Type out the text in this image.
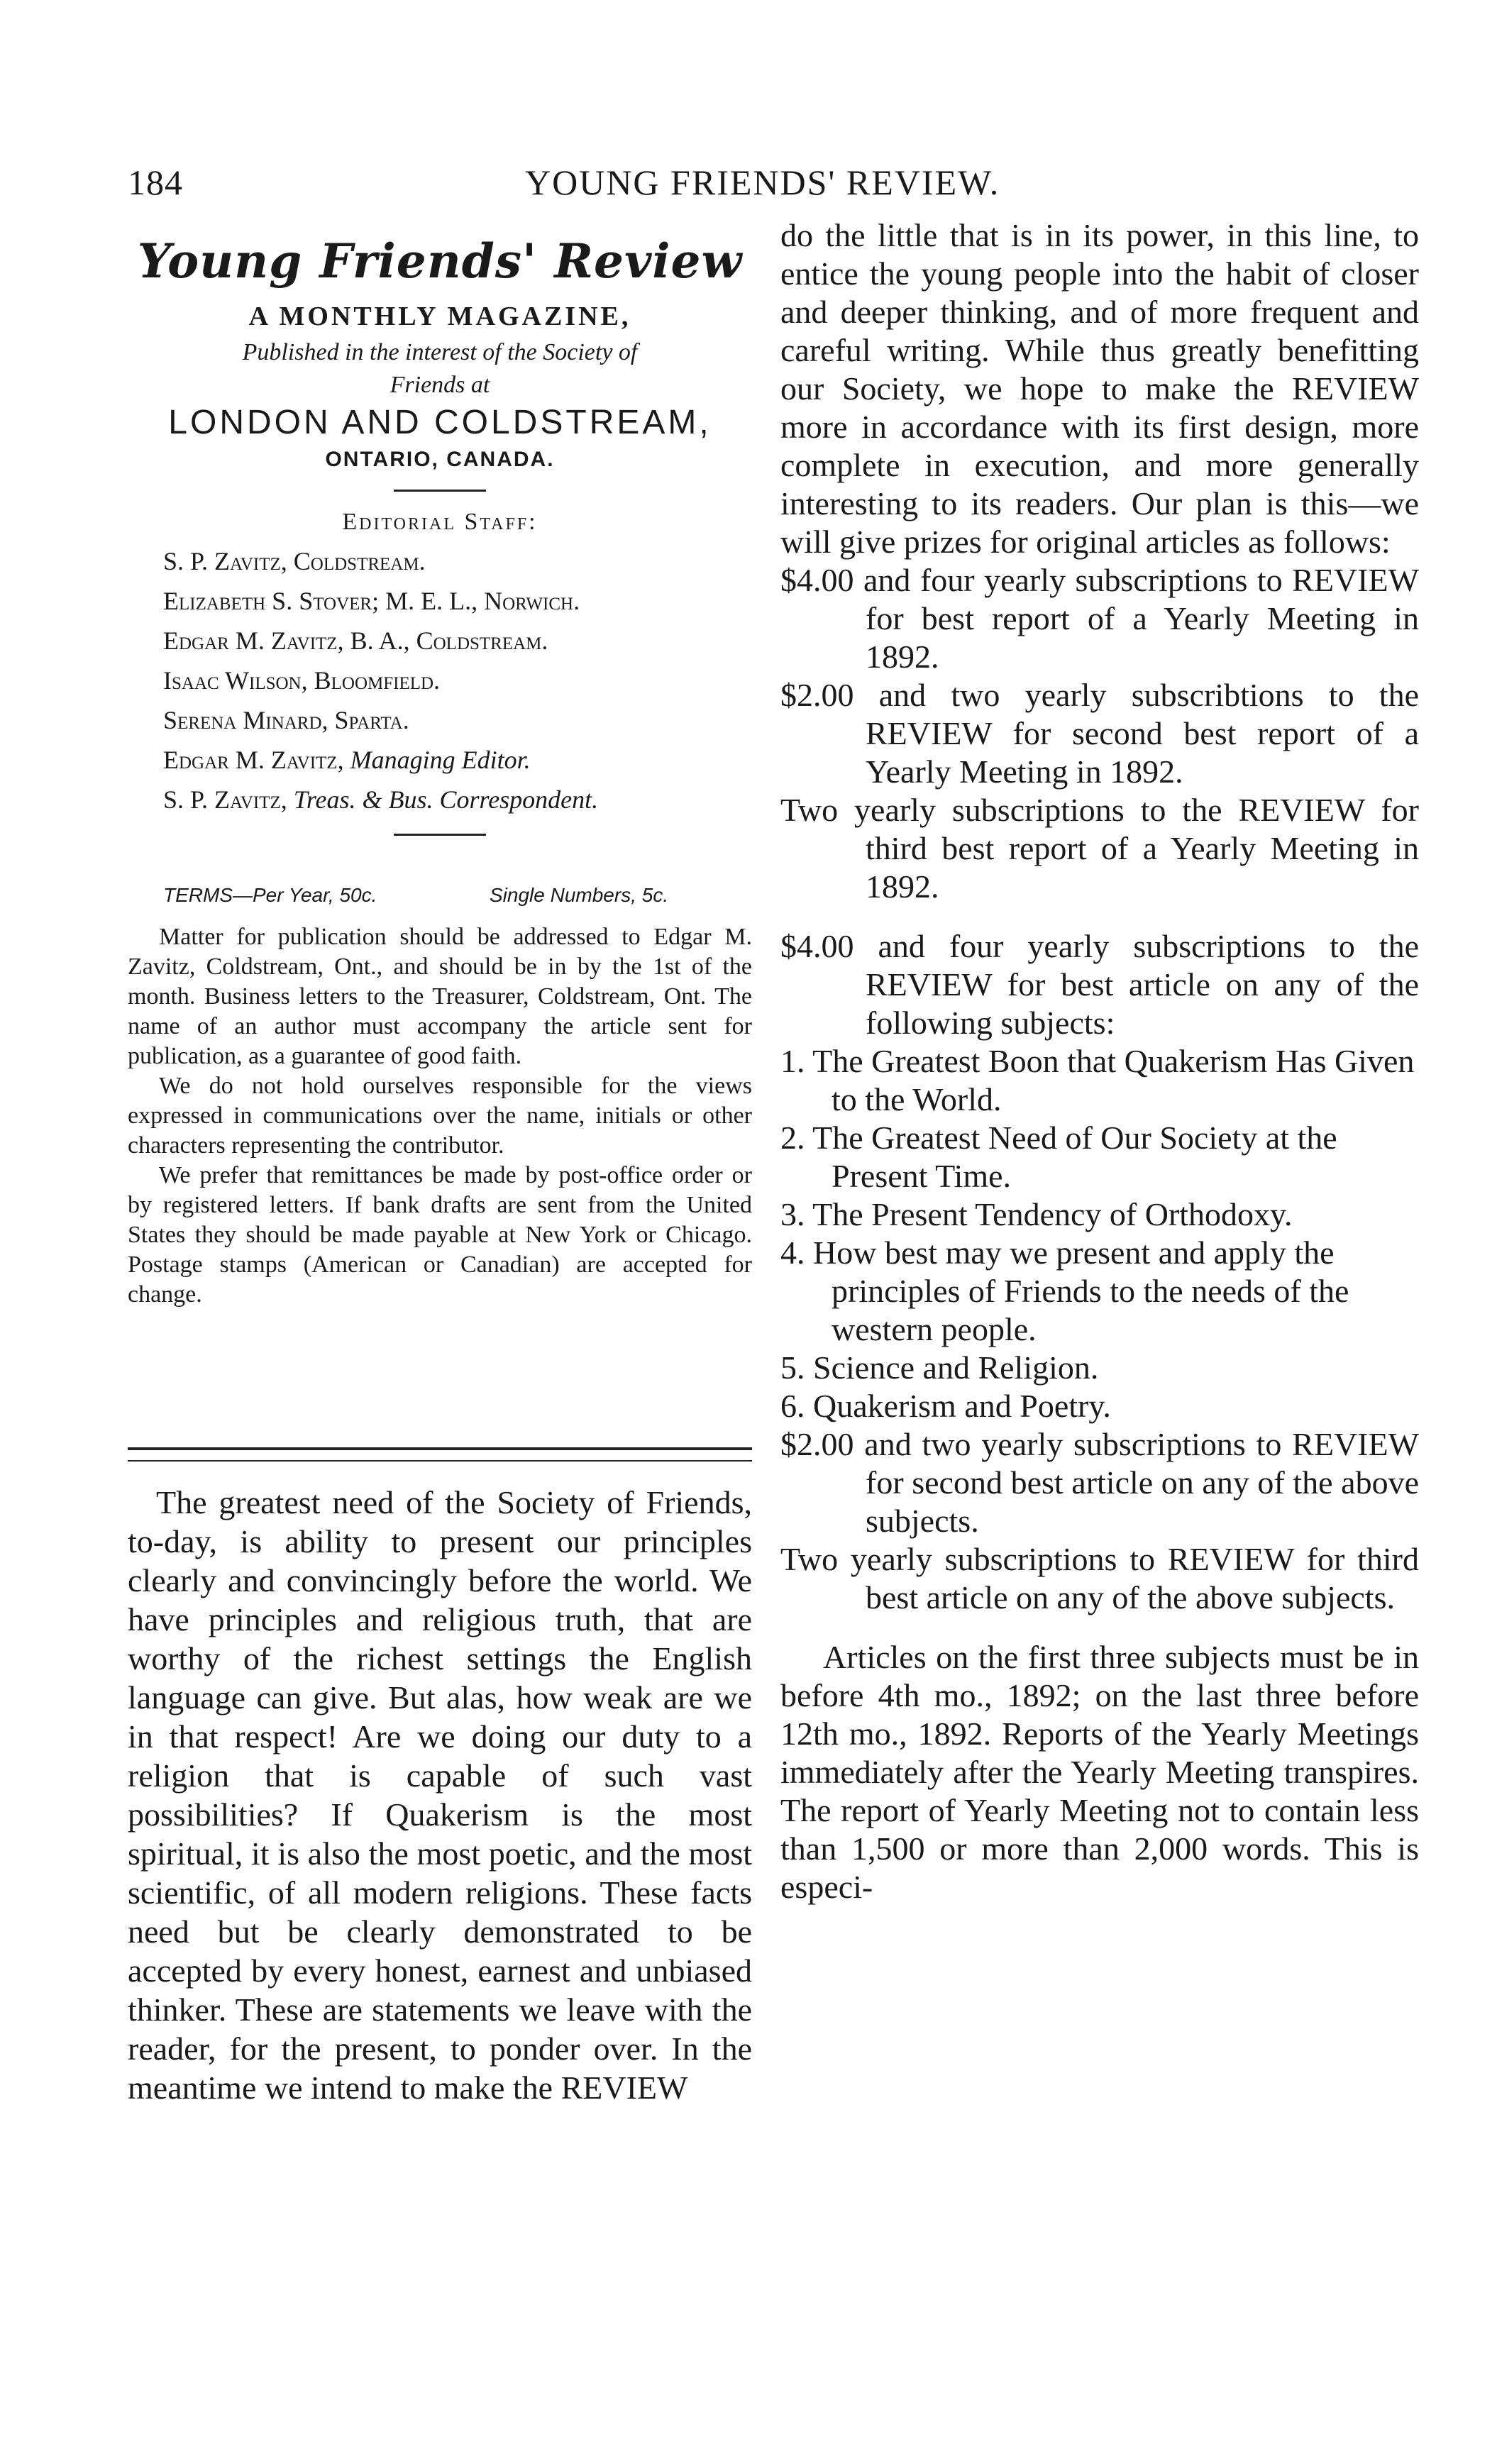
184	YOUNG FRIENDS' REVIEW.
Young Friends' Review
A MONTHLY MAGAZINE,
Published in the interest of the Society of
Friends at
LONDON AND COLDSTREAM,
ONTARIO, CANADA.
Editorial Staff:
S. P. Zavitz, Coldstream.
Elizabeth S. Stover; M. E. L., Norwich.
Edgar M. Zavitz, B. A., Coldstream.
Isaac Wilson, Bloomfield.
Serena Minard, Sparta.
Edgar M. Zavitz, Managing Editor.
S. P. Zavitz, Treas. & Bus. Correspondent.
TERMS—Per Year, 50c.	Single Numbers, 5c.

Matter for publication should be addressed to Edgar M. Zavitz, Coldstream, Ont., and should be in by the 1st of the month. Business letters to the Treasurer, Coldstream, Ont. The name of an author must accompany the article sent for publication, as a guarantee of good faith.

We do not hold ourselves responsible for the views expressed in communications over the name, initials or other characters representing the contributor.

We prefer that remittances be made by post-office order or by registered letters. If bank drafts are sent from the United States they should be made payable at New York or Chicago. Postage stamps (American or Canadian) are accepted for change.

The greatest need of the Society of Friends, to-day, is ability to present our principles clearly and convincingly before the world. We have principles and religious truth, that are worthy of the richest settings the English language can give. But alas, how weak are we in that respect! Are we doing our duty to a religion that is capable of such vast possibilities? If Quakerism is the most spiritual, it is also the most poetic, and the most scientific, of all modern religions. These facts need but be clearly demonstrated to be accepted by every honest, earnest and unbiased thinker. These are statements we leave with the reader, for the present, to ponder over. In the meantime we intend to make the REVIEW

do the little that is in its power, in this line, to entice the young people into the habit of closer and deeper thinking, and of more frequent and careful writing. While thus greatly benefitting our Society, we hope to make the REVIEW more in accordance with its first design, more complete in execution, and more generally interesting to its readers. Our plan is this—we will give prizes for original articles as follows:

$4.00 and four yearly subscriptions to REVIEW for best report of a Yearly Meeting in 1892.

$2.00 and two yearly subscribtions to the REVIEW for second best report of a Yearly Meeting in 1892.

Two yearly subscriptions to the REVIEW for third best report of a Yearly Meeting in 1892.

$4.00 and four yearly subscriptions to the REVIEW for best article on any of the following subjects:

1. The Greatest Boon that Quakerism Has Given to the World.

2. The Greatest Need of Our Society at the Present Time.

3. The Present Tendency of Orthodoxy.

4. How best may we present and apply the principles of Friends to the needs of the western people.

5. Science and Religion.

6. Quakerism and Poetry.

$2.00 and two yearly subscriptions to REVIEW for second best article on any of the above subjects.

Two yearly subscriptions to REVIEW for third best article on any of the above subjects.

Articles on the first three subjects must be in before 4th mo., 1892; on the last three before 12th mo., 1892. Reports of the Yearly Meetings immediately after the Yearly Meeting transpires. The report of Yearly Meeting not to contain less than 1,500 or more than 2,000 words. This is especi-
